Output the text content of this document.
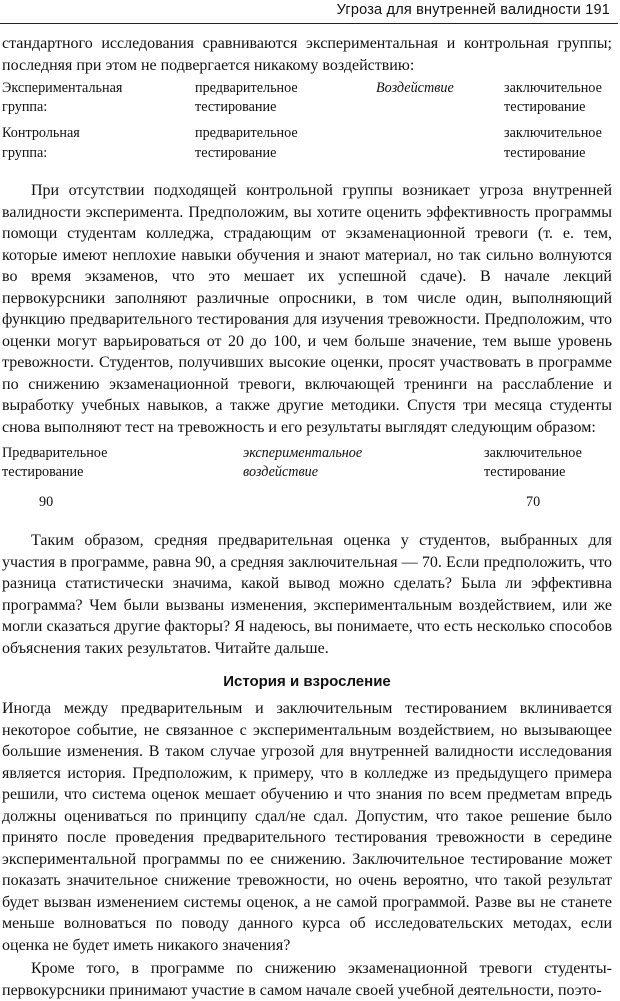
Угроза для внутренней валидности 191

стандартного исследования сравниваются экспериментальная и контрольная группы; последняя при этом не подвергается никакому воздействию:

Экспериментальная
группа:
предварительное
тестирование
Воздействие	заключительное
тестирование
Контрольная
группа:
предварительное
тестирование
заключительное
тестирование

При отсутствии подходящей контрольной группы возникает угроза внутренней валидности эксперимента. Предположим, вы хотите оценить эффективность программы помощи студентам колледжа, страдающим от экзаменационной тревоги (т. е. тем, которые имеют неплохие навыки обучения и знают материал, но так сильно волнуются во время экзаменов, что это мешает их успешной сдаче). В начале лекций первокурсники заполняют различные опросники, в том числе один, выполняющий функцию предварительного тестирования для изучения тревожности. Предположим, что оценки могут варьироваться от 20 до 100, и чем больше значение, тем выше уровень тревожности. Студентов, получивших высокие оценки, просят участвовать в программе по снижению экзаменационной тревоги, включающей тренинги на расслабление и выработку учебных навыков, а также другие методики. Спустя три месяца студенты снова выполняют тест на тревожность и его результаты выглядят следующим образом:

Предварительное
тестирование
экспериментальное
воздействие
заключительное
тестирование
90	70

Таким образом, средняя предварительная оценка у студентов, выбранных для участия в программе, равна 90, а средняя заключительная — 70. Если предположить, что разница статистически значима, какой вывод можно сделать? Была ли эффективна программа? Чем были вызваны изменения, экспериментальным воздействием, или же могли сказаться другие факторы? Я надеюсь, вы понимаете, что есть несколько способов объяснения таких результатов. Читайте дальше.

История и взросление

Иногда между предварительным и заключительным тестированием вклинивается некоторое событие, не связанное с экспериментальным воздействием, но вызывающее большие изменения. В таком случае угрозой для внутренней валидности исследования является история. Предположим, к примеру, что в колледже из предыдущего примера решили, что система оценок мешает обучению и что знания по всем предметам впредь должны оцениваться по принципу сдал/не сдал. Допустим, что такое решение было принято после проведения предварительного тестирования тревожности в середине экспериментальной программы по ее снижению. Заключительное тестирование может показать значительное снижение тревожности, но очень вероятно, что такой результат будет вызван изменением системы оценок, а не самой программой. Разве вы не станете меньше волноваться по поводу данного курса об исследовательских методах, если оценка не будет иметь никакого значения?

Кроме того, в программе по снижению экзаменационной тревоги студенты-первокурсники принимают участие в самом начале своей учебной деятельности, поэто-
